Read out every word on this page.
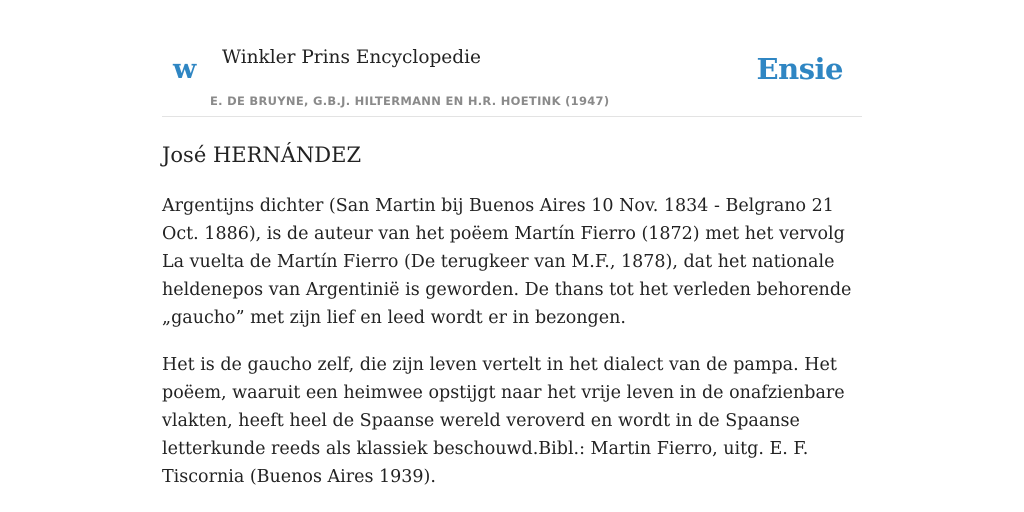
w Winkler Prins Encyclopedie
E. DE BRUYNE, G.B.J. HILTERMANN EN H.R. HOETINK (1947)
Ensie
José HERNÁNDEZ

Argentijns dichter (San Martin bij Buenos Aires 10 Nov. 1834 - Belgrano 21 Oct. 1886), is de auteur van het poëem Martín Fierro (1872) met het vervolg La vuelta de Martín Fierro (De terugkeer van M.F., 1878), dat het nationale heldenepos van Argentinië is geworden. De thans tot het verleden behorende „gaucho” met zijn lief en leed wordt er in bezongen.

Het is de gaucho zelf, die zijn leven vertelt in het dialect van de pampa. Het poëem, waaruit een heimwee opstijgt naar het vrije leven in de onafzienbare vlakten, heeft heel de Spaanse wereld veroverd en wordt in de Spaanse letterkunde reeds als klassiek beschouwd.Bibl.: Martin Fierro, uitg. E. F. Tiscornia (Buenos Aires 1939).
